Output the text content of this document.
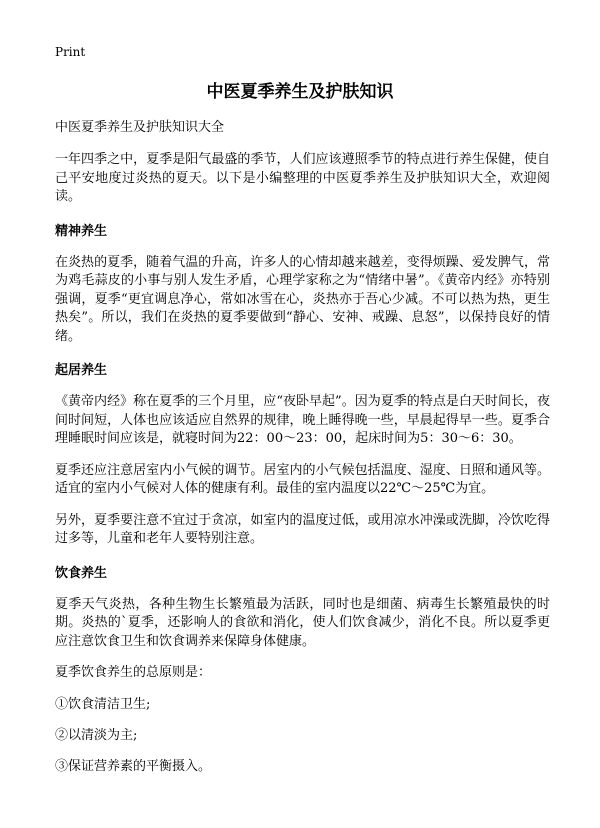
Print
中医夏季养生及护肤知识

中医夏季养生及护肤知识大全

一年四季之中，夏季是阳气最盛的季节，人们应该遵照季节的特点进行养生保健，使自己平安地度过炎热的夏天。以下是小编整理的中医夏季养生及护肤知识大全，欢迎阅读。

精神养生

在炎热的夏季，随着气温的升高，许多人的心情却越来越差，变得烦躁、爱发脾气，常为鸡毛蒜皮的小事与别人发生矛盾，心理学家称之为“情绪中暑”。《黄帝内经》亦特别强调，夏季“更宜调息净心，常如冰雪在心，炎热亦于吾心少减。不可以热为热，更生热矣”。所以，我们在炎热的夏季要做到“静心、安神、戒躁、息怒”，以保持良好的情绪。

起居养生

《黄帝内经》称在夏季的三个月里，应“夜卧早起”。因为夏季的特点是白天时间长，夜间时间短，人体也应该适应自然界的规律，晚上睡得晚一些，早晨起得早一些。夏季合理睡眠时间应该是，就寝时间为22：00～23：00，起床时间为5：30～6：30。

夏季还应注意居室内小气候的调节。居室内的小气候包括温度、湿度、日照和通风等。适宜的室内小气候对人体的健康有利。最佳的室内温度以22℃～25℃为宜。

另外，夏季要注意不宜过于贪凉，如室内的温度过低，或用凉水冲澡或洗脚，冷饮吃得过多等，儿童和老年人要特别注意。

饮食养生

夏季天气炎热，各种生物生长繁殖最为活跃，同时也是细菌、病毒生长繁殖最快的时期。炎热的`夏季，还影响人的食欲和消化，使人们饮食减少，消化不良。所以夏季更应注意饮食卫生和饮食调养来保障身体健康。

夏季饮食养生的总原则是：

①饮食清洁卫生;
②以清淡为主;
③保证营养素的平衡摄入。
